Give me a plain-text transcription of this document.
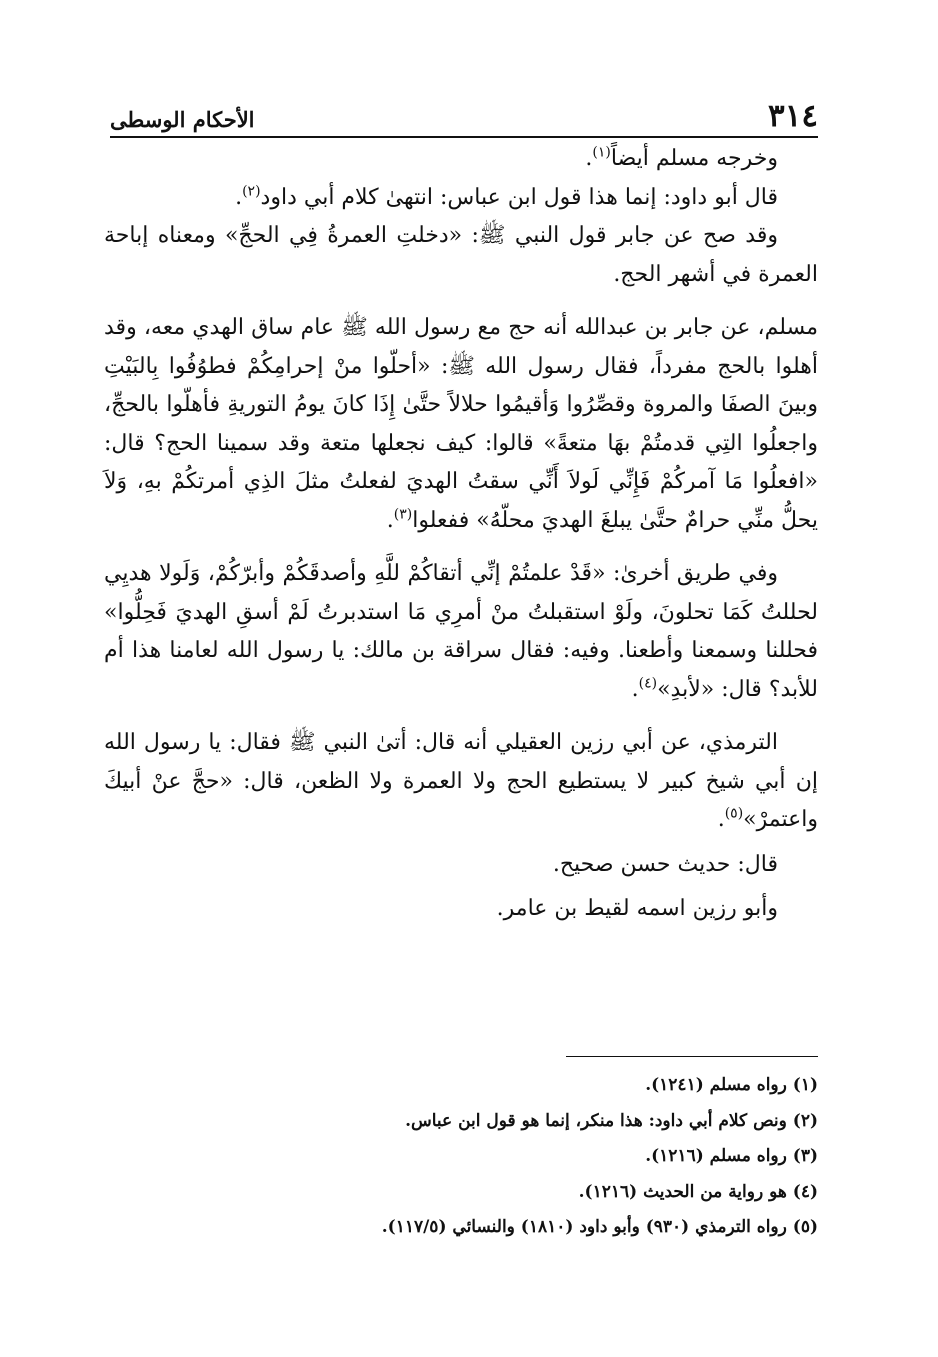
٣١٤
الأحكام الوسطى

وخرجه مسلم أيضاً$^{(١)}$.

قال أبو داود: إنما هذا قول ابن عباس: انتهىٰ كلام أبي داود$^{(٢)}$.

وقد صح عن جابر قول النبي ﷺ: «دخلتِ العمرةُ فِي الحجِّ» ومعناه إباحة العمرة في أشهر الحج.

مسلم، عن جابر بن عبدالله أنه حج مع رسول الله ﷺ عام ساق الهدي معه، وقد أهلوا بالحج مفرداً، فقال رسول الله ﷺ: «أحلّوا منْ إحرامِكُمْ فطوُفُوا بِالبَيْتِ وبينَ الصفَا والمروة وقصِّرُوا وَأقيمُوا حلالاً حتَّىٰ إِذَا كانَ يومُ التوريةِ فأهلّوا بالحجِّ، واجعلُوا التِي قدمتُمْ بهَا متعةً» قالوا: كيف نجعلها متعة وقد سمينا الحج؟ قال: «افعلُوا مَا آمركُمْ فَإِنِّي لَولاَ أَنِّي سقتُ الهديَ لفعلتُ مثلَ الذِي أمرتكُمْ بهِ، وَلاَ يحلُّ منِّي حرامٌ حتَّىٰ يبلغَ الهديَ محلّهُ» ففعلوا$^{(٣)}$.

وفي طريق أخرىٰ: «قَدْ علمتُمْ إنِّي أتقاكُمْ للَّهِ وأصدقَكُمْ وأبرّكُمْ، وَلَولا هديِي لحللتُ كَمَا تحلونَ، ولَوْ استقبلتُ منْ أمرِي مَا استدبرتُ لَمْ أسقِ الهديَ فَحِلُّوا» فحللنا وسمعنا وأطعنا. وفيه: فقال سراقة بن مالك: يا رسول الله لعامنا هذا أم للأبد؟ قال: «لأبدِ»$^{(٤)}$.

الترمذي، عن أبي رزين العقيلي أنه قال: أتىٰ النبي ﷺ فقال: يا رسول الله إن أبي شيخ كبير لا يستطيع الحج ولا العمرة ولا الظعن، قال: «حجَّ عنْ أبيكَ واعتمرْ»$^{(٥)}$.

قال: حديث حسن صحيح.

وأبو رزين اسمه لقيط بن عامر.

(١) رواه مسلم (١٢٤١).

(٢) ونص كلام أبي داود: هذا منكر، إنما هو قول ابن عباس.

(٣) رواه مسلم (١٢١٦).

(٤) هو رواية من الحديث (١٢١٦).

(٥) رواه الترمذي (٩٣٠) وأبو داود (١٨١٠) والنسائي (١١٧/٥).
